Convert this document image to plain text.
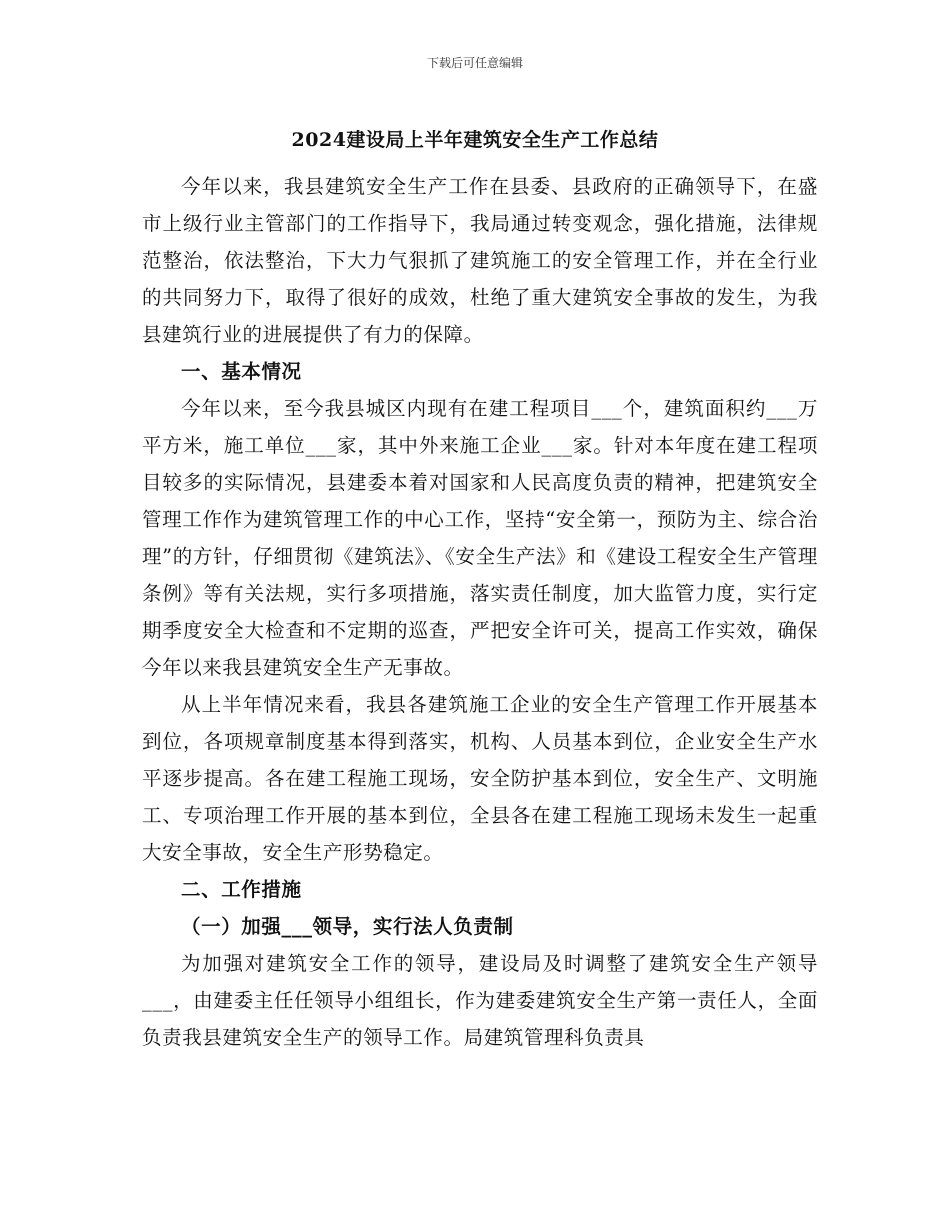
下载后可任意编辑
2024建设局上半年建筑安全生产工作总结

今年以来，我县建筑安全生产工作在县委、县政府的正确领导下，在盛市上级行业主管部门的工作指导下，我局通过转变观念，强化措施，法律规范整治，依法整治，下大力气狠抓了建筑施工的安全管理工作，并在全行业的共同努力下，取得了很好的成效，杜绝了重大建筑安全事故的发生，为我县建筑行业的进展提供了有力的保障。

一、基本情况

今年以来，至今我县城区内现有在建工程项目___个，建筑面积约___万平方米，施工单位___家，其中外来施工企业___家。针对本年度在建工程项目较多的实际情况，县建委本着对国家和人民高度负责的精神，把建筑安全管理工作作为建筑管理工作的中心工作，坚持“安全第一，预防为主、综合治理”的方针，仔细贯彻《建筑法》、《安全生产法》和《建设工程安全生产管理条例》等有关法规，实行多项措施，落实责任制度，加大监管力度，实行定期季度安全大检查和不定期的巡查，严把安全许可关，提高工作实效，确保今年以来我县建筑安全生产无事故。

从上半年情况来看，我县各建筑施工企业的安全生产管理工作开展基本到位，各项规章制度基本得到落实，机构、人员基本到位，企业安全生产水平逐步提高。各在建工程施工现场，安全防护基本到位，安全生产、文明施工、专项治理工作开展的基本到位，全县各在建工程施工现场未发生一起重大安全事故，安全生产形势稳定。

二、工作措施

（一）加强___领导，实行法人负责制

为加强对建筑安全工作的领导，建设局及时调整了建筑安全生产领导___，由建委主任任领导小组组长，作为建委建筑安全生产第一责任人，全面负责我县建筑安全生产的领导工作。局建筑管理科负责具
